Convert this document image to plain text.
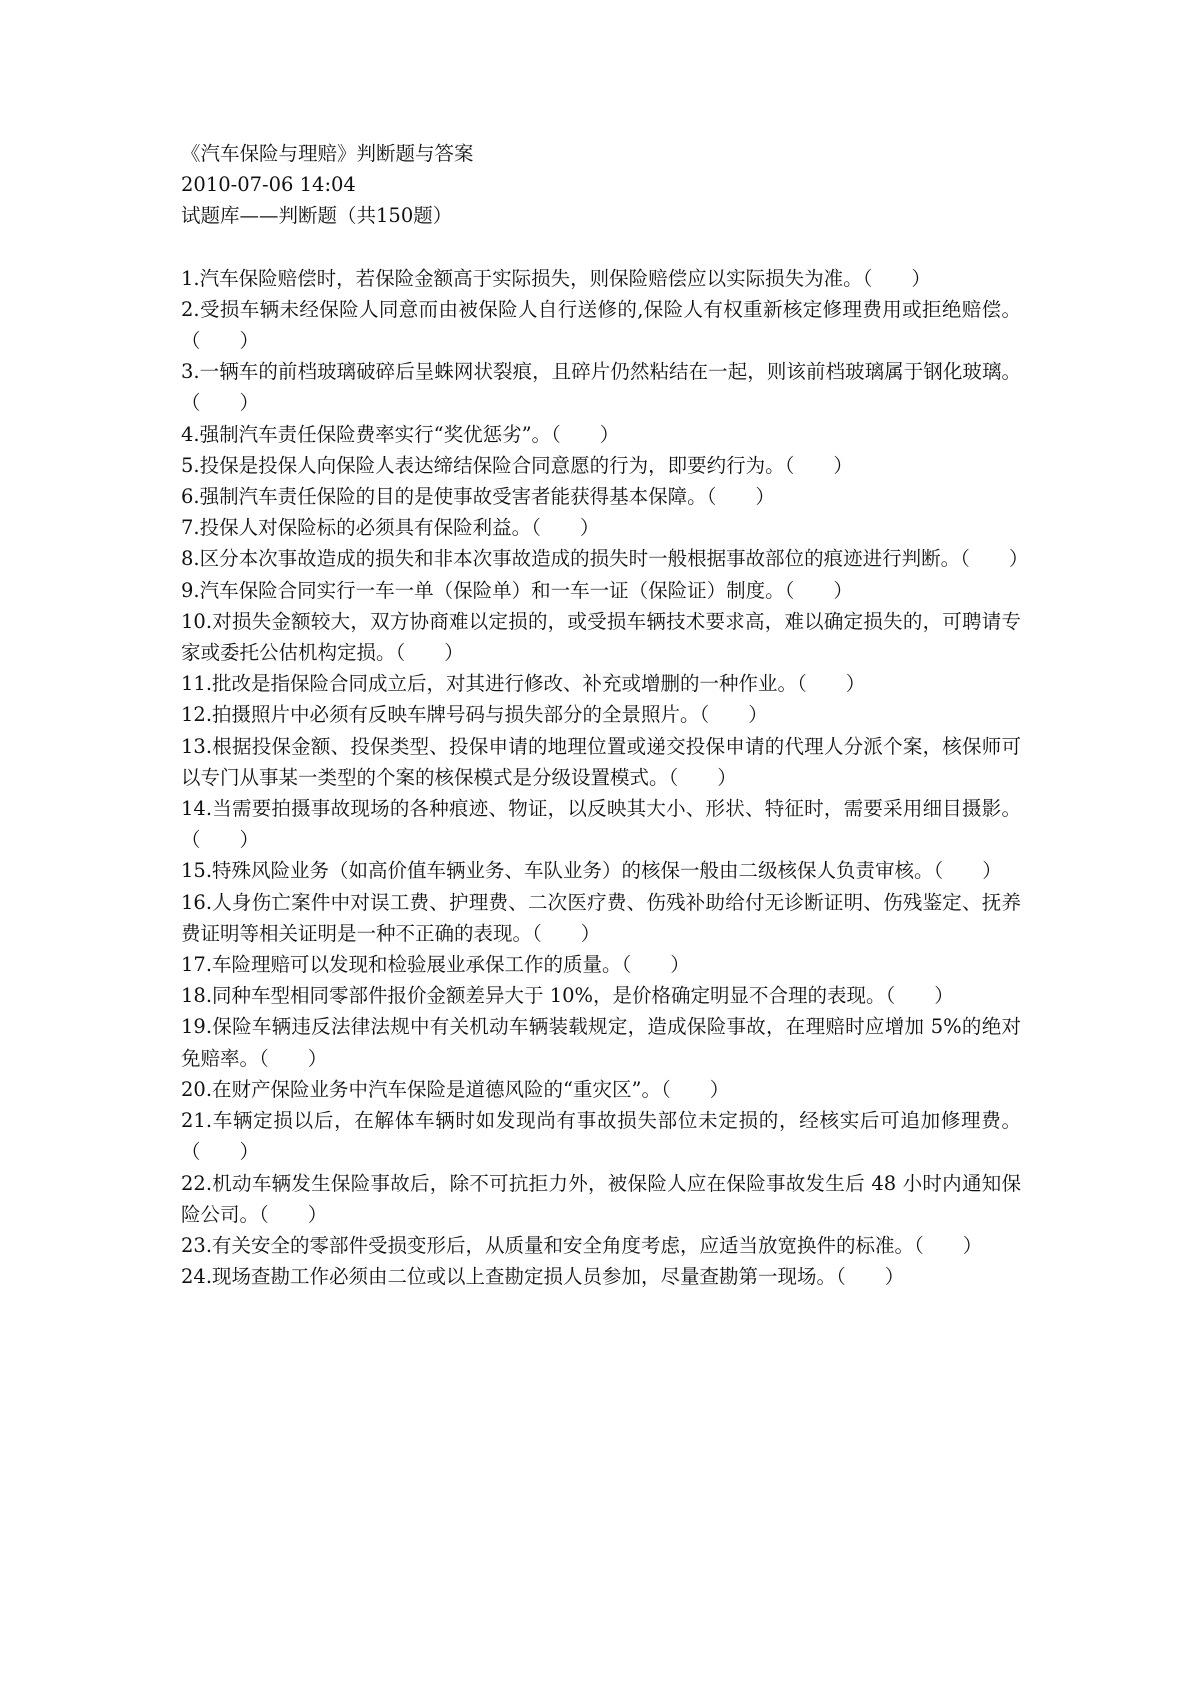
《汽车保险与理赔》判断题与答案
2010-07-06 14:04
试题库——判断题（共150题）

1.汽车保险赔偿时，若保险金额高于实际损失，则保险赔偿应以实际损失为准。（　　）

2.受损车辆未经保险人同意而由被保险人自行送修的,保险人有权重新核定修理费用或拒绝赔偿。（　　）

3.一辆车的前档玻璃破碎后呈蛛网状裂痕，且碎片仍然粘结在一起，则该前档玻璃属于钢化玻璃。（　　）

4.强制汽车责任保险费率实行“奖优惩劣”。（　　）

5.投保是投保人向保险人表达缔结保险合同意愿的行为，即要约行为。（　　）

6.强制汽车责任保险的目的是使事故受害者能获得基本保障。（　　）

7.投保人对保险标的必须具有保险利益。（　　）

8.区分本次事故造成的损失和非本次事故造成的损失时一般根据事故部位的痕迹进行判断。（　　）

9.汽车保险合同实行一车一单（保险单）和一车一证（保险证）制度。（　　）

10.对损失金额较大，双方协商难以定损的，或受损车辆技术要求高，难以确定损失的，可聘请专家或委托公估机构定损。（　　）

11.批改是指保险合同成立后，对其进行修改、补充或增删的一种作业。（　　）

12.拍摄照片中必须有反映车牌号码与损失部分的全景照片。（　　）

13.根据投保金额、投保类型、投保申请的地理位置或递交投保申请的代理人分派个案，核保师可以专门从事某一类型的个案的核保模式是分级设置模式。（　　）

14.当需要拍摄事故现场的各种痕迹、物证，以反映其大小、形状、特征时，需要采用细目摄影。（　　）

15.特殊风险业务（如高价值车辆业务、车队业务）的核保一般由二级核保人负责审核。（　　）

16.人身伤亡案件中对误工费、护理费、二次医疗费、伤残补助给付无诊断证明、伤残鉴定、抚养费证明等相关证明是一种不正确的表现。（　　）

17.车险理赔可以发现和检验展业承保工作的质量。（　　）

18.同种车型相同零部件报价金额差异大于 10%，是价格确定明显不合理的表现。（　　）

19.保险车辆违反法律法规中有关机动车辆装载规定，造成保险事故，在理赔时应增加 5%的绝对免赔率。（　　）

20.在财产保险业务中汽车保险是道德风险的“重灾区”。（　　）

21.车辆定损以后，在解体车辆时如发现尚有事故损失部位未定损的，经核实后可追加修理费。（　　）

22.机动车辆发生保险事故后，除不可抗拒力外，被保险人应在保险事故发生后 48 小时内通知保险公司。（　　）

23.有关安全的零部件受损变形后，从质量和安全角度考虑，应适当放宽换件的标准。（　　）

24.现场查勘工作必须由二位或以上查勘定损人员参加，尽量查勘第一现场。（　　）
